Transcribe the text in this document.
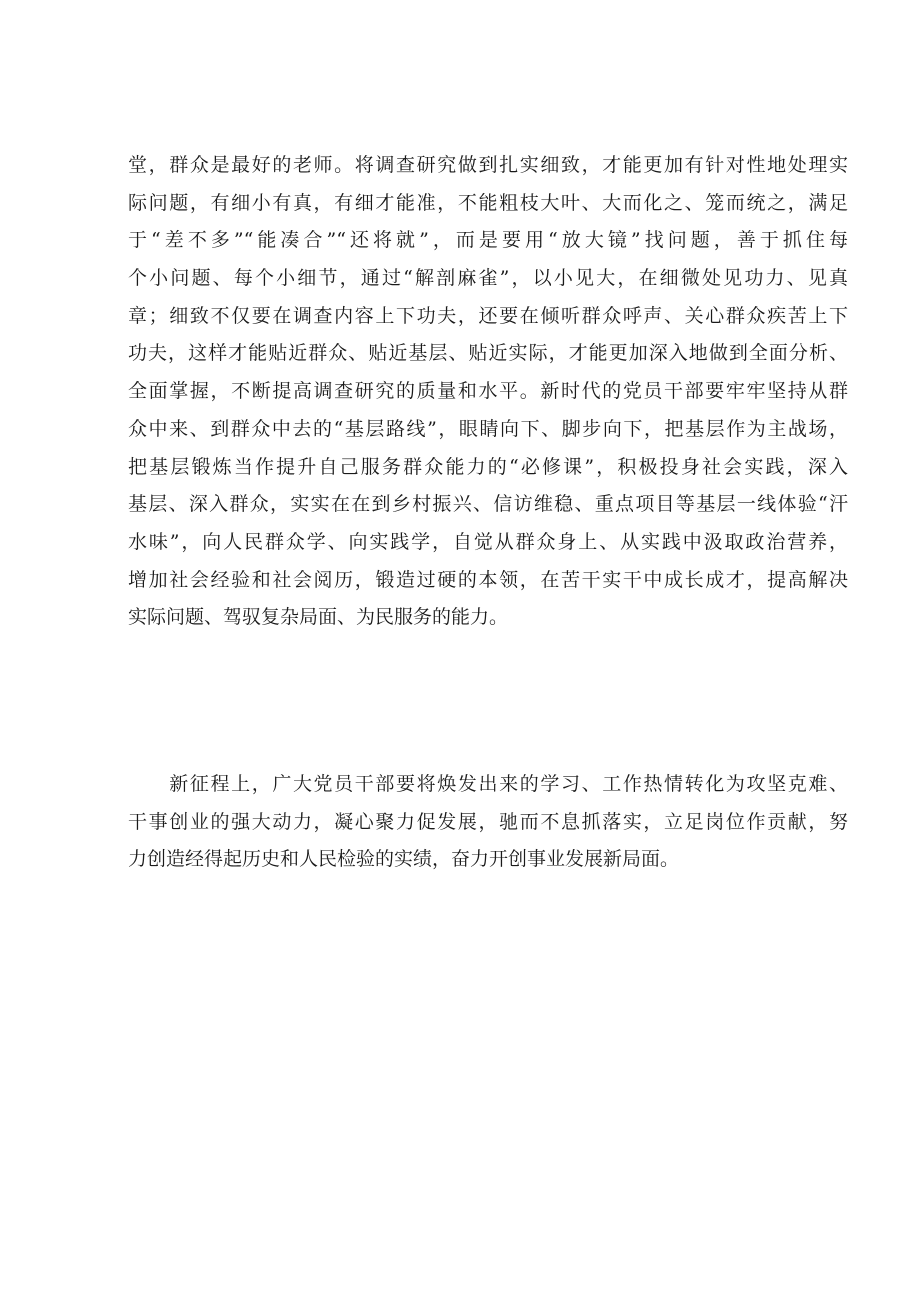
堂，群众是最好的老师。将调查研究做到扎实细致，才能更加有针对性地处理实
际问题，有细小有真，有细才能准，不能粗枝大叶、大而化之、笼而统之，满足
于“差不多”“能凑合”“还将就”，而是要用“放大镜”找问题，善于抓住每
个小问题、每个小细节，通过“解剖麻雀”，以小见大，在细微处见功力、见真
章；细致不仅要在调查内容上下功夫，还要在倾听群众呼声、关心群众疾苦上下
功夫，这样才能贴近群众、贴近基层、贴近实际，才能更加深入地做到全面分析、
全面掌握，不断提高调查研究的质量和水平。新时代的党员干部要牢牢坚持从群
众中来、到群众中去的“基层路线”，眼睛向下、脚步向下，把基层作为主战场，
把基层锻炼当作提升自己服务群众能力的“必修课”，积极投身社会实践，深入
基层、深入群众，实实在在到乡村振兴、信访维稳、重点项目等基层一线体验“汗
水味”，向人民群众学、向实践学，自觉从群众身上、从实践中汲取政治营养，
增加社会经验和社会阅历，锻造过硬的本领，在苦干实干中成长成才，提高解决
实际问题、驾驭复杂局面、为民服务的能力。
　　新征程上，广大党员干部要将焕发出来的学习、工作热情转化为攻坚克难、
干事创业的强大动力，凝心聚力促发展，驰而不息抓落实，立足岗位作贡献，努
力创造经得起历史和人民检验的实绩，奋力开创事业发展新局面。
